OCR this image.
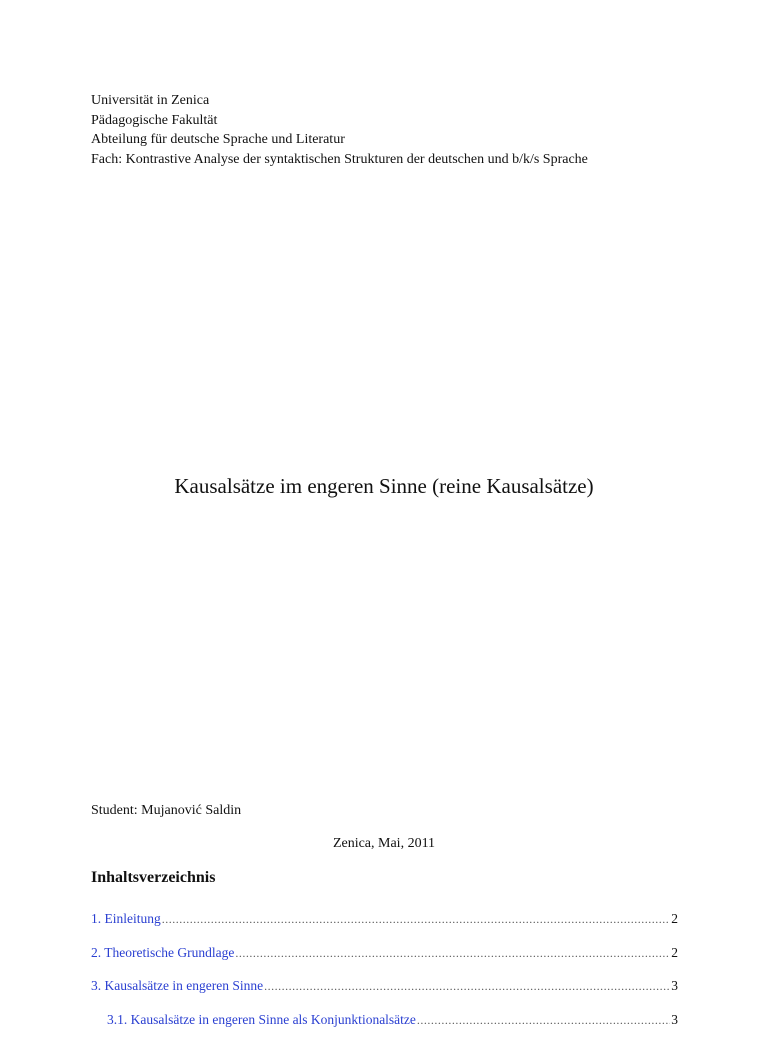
Universität in Zenica
Pädagogische Fakultät
Abteilung für deutsche Sprache und Literatur
Fach: Kontrastive Analyse der syntaktischen Strukturen der deutschen und b/k/s Sprache
Kausalsätze im engeren Sinne (reine Kausalsätze)
Student: Mujanović Saldin
Zenica, Mai, 2011
Inhaltsverzeichnis
1. Einleitung .....	2
2. Theoretische Grundlage .....	2
3. Kausalsätze in engeren Sinne .....	3
3.1. Kausalsätze in engeren Sinne als Konjunktionalsätze .....	3
